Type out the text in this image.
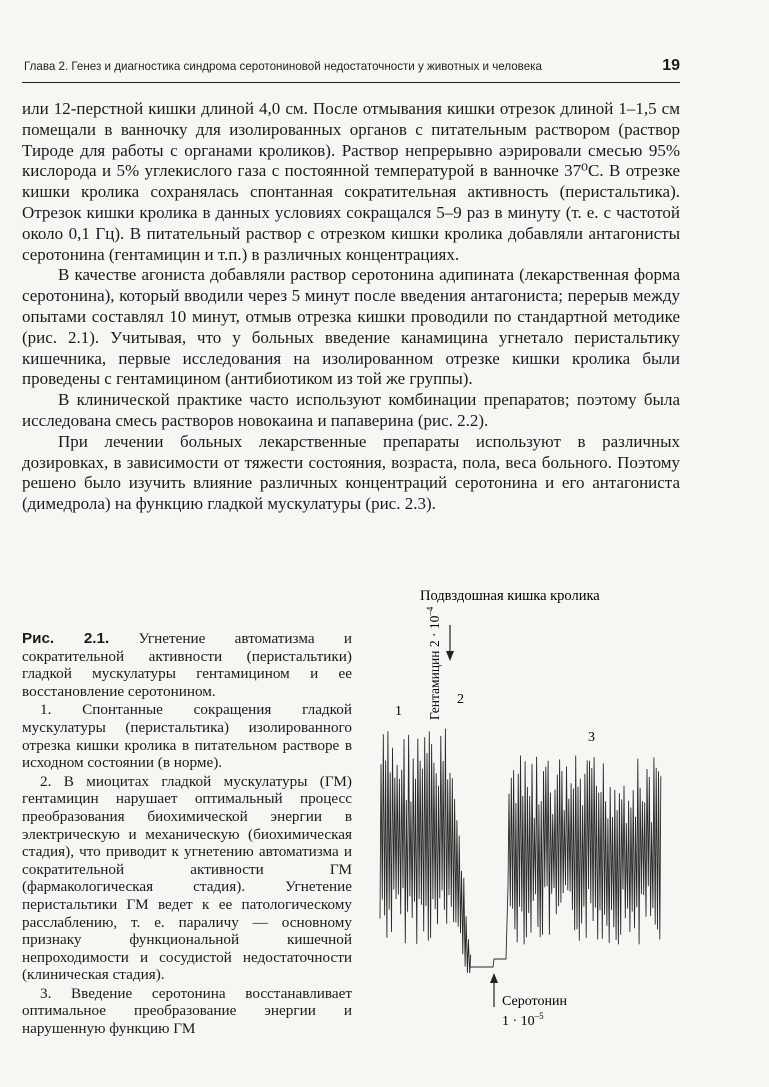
Глава 2. Генез и диагностика синдрома серотониновой недостаточности у животных и человека	19

или 12-перстной кишки длиной 4,0 см. После отмывания кишки отрезок длиной 1–1,5 см помещали в ванночку для изолированных органов с питательным раствором (раствор Тироде для работы с органами кроликов). Раствор непрерывно аэрировали смесью 95% кислорода и 5% углекислого газа с постоянной температурой в ванночке 37⁰С. В отрезке кишки кролика сохранялась спонтанная сократительная активность (перистальтика). Отрезок кишки кролика в данных условиях сокращался 5–9 раз в минуту (т. е. с частотой около 0,1 Гц). В питательный раствор с отрезком кишки кролика добавляли антагонисты серотонина (гентамицин и т.п.) в различных концентрациях.

В качестве агониста добавляли раствор серотонина адипината (лекарственная форма серотонина), который вводили через 5 минут после введения антагониста; перерыв между опытами составлял 10 минут, отмыв отрезка кишки проводили по стандартной методике (рис. 2.1). Учитывая, что у больных введение канамицина угнетало перистальтику кишечника, первые исследования на изолированном отрезке кишки кролика были проведены с гентамицином (антибиотиком из той же группы).

В клинической практике часто используют комбинации препаратов; поэтому была исследована смесь растворов новокаина и папаверина (рис. 2.2).

При лечении больных лекарственные препараты используют в различных дозировках, в зависимости от тяжести состояния, возраста, пола, веса больного. Поэтому решено было изучить влияние различных концентраций серотонина и его антагониста (димедрола) на функцию гладкой мускулатуры (рис. 2.3).

Рис. 2.1. Угнетение автоматизма и сократительной активности (перистальтики) гладкой мускулатуры гентамицином и ее восстановление серотонином.

1. Спонтанные сокращения гладкой мускулатуры (перистальтика) изолированного отрезка кишки кролика в питательном растворе в исходном состоянии (в норме).

2. В миоцитах гладкой мускулатуры (ГМ) гентамицин нарушает оптимальный процесс преобразования биохимической энергии в электрическую и механическую (биохимическая стадия), что приводит к угнетению автоматизма и сократительной активности ГМ (фармакологическая стадия). Угнетение перистальтики ГМ ведет к ее патологическому расслаблению, т. е. параличу — основному признаку функциональной кишечной непроходимости и сосудистой недостаточности (клиническая стадия).

3. Введение серотонина восстанавливает оптимальное преобразование энергии и нарушенную функцию ГМ

Подвздошная кишка кролика
Гентамицин $2 \cdot 10^{-4}$
1
2
3
Серотонин
$1 \cdot 10^{-5}$
